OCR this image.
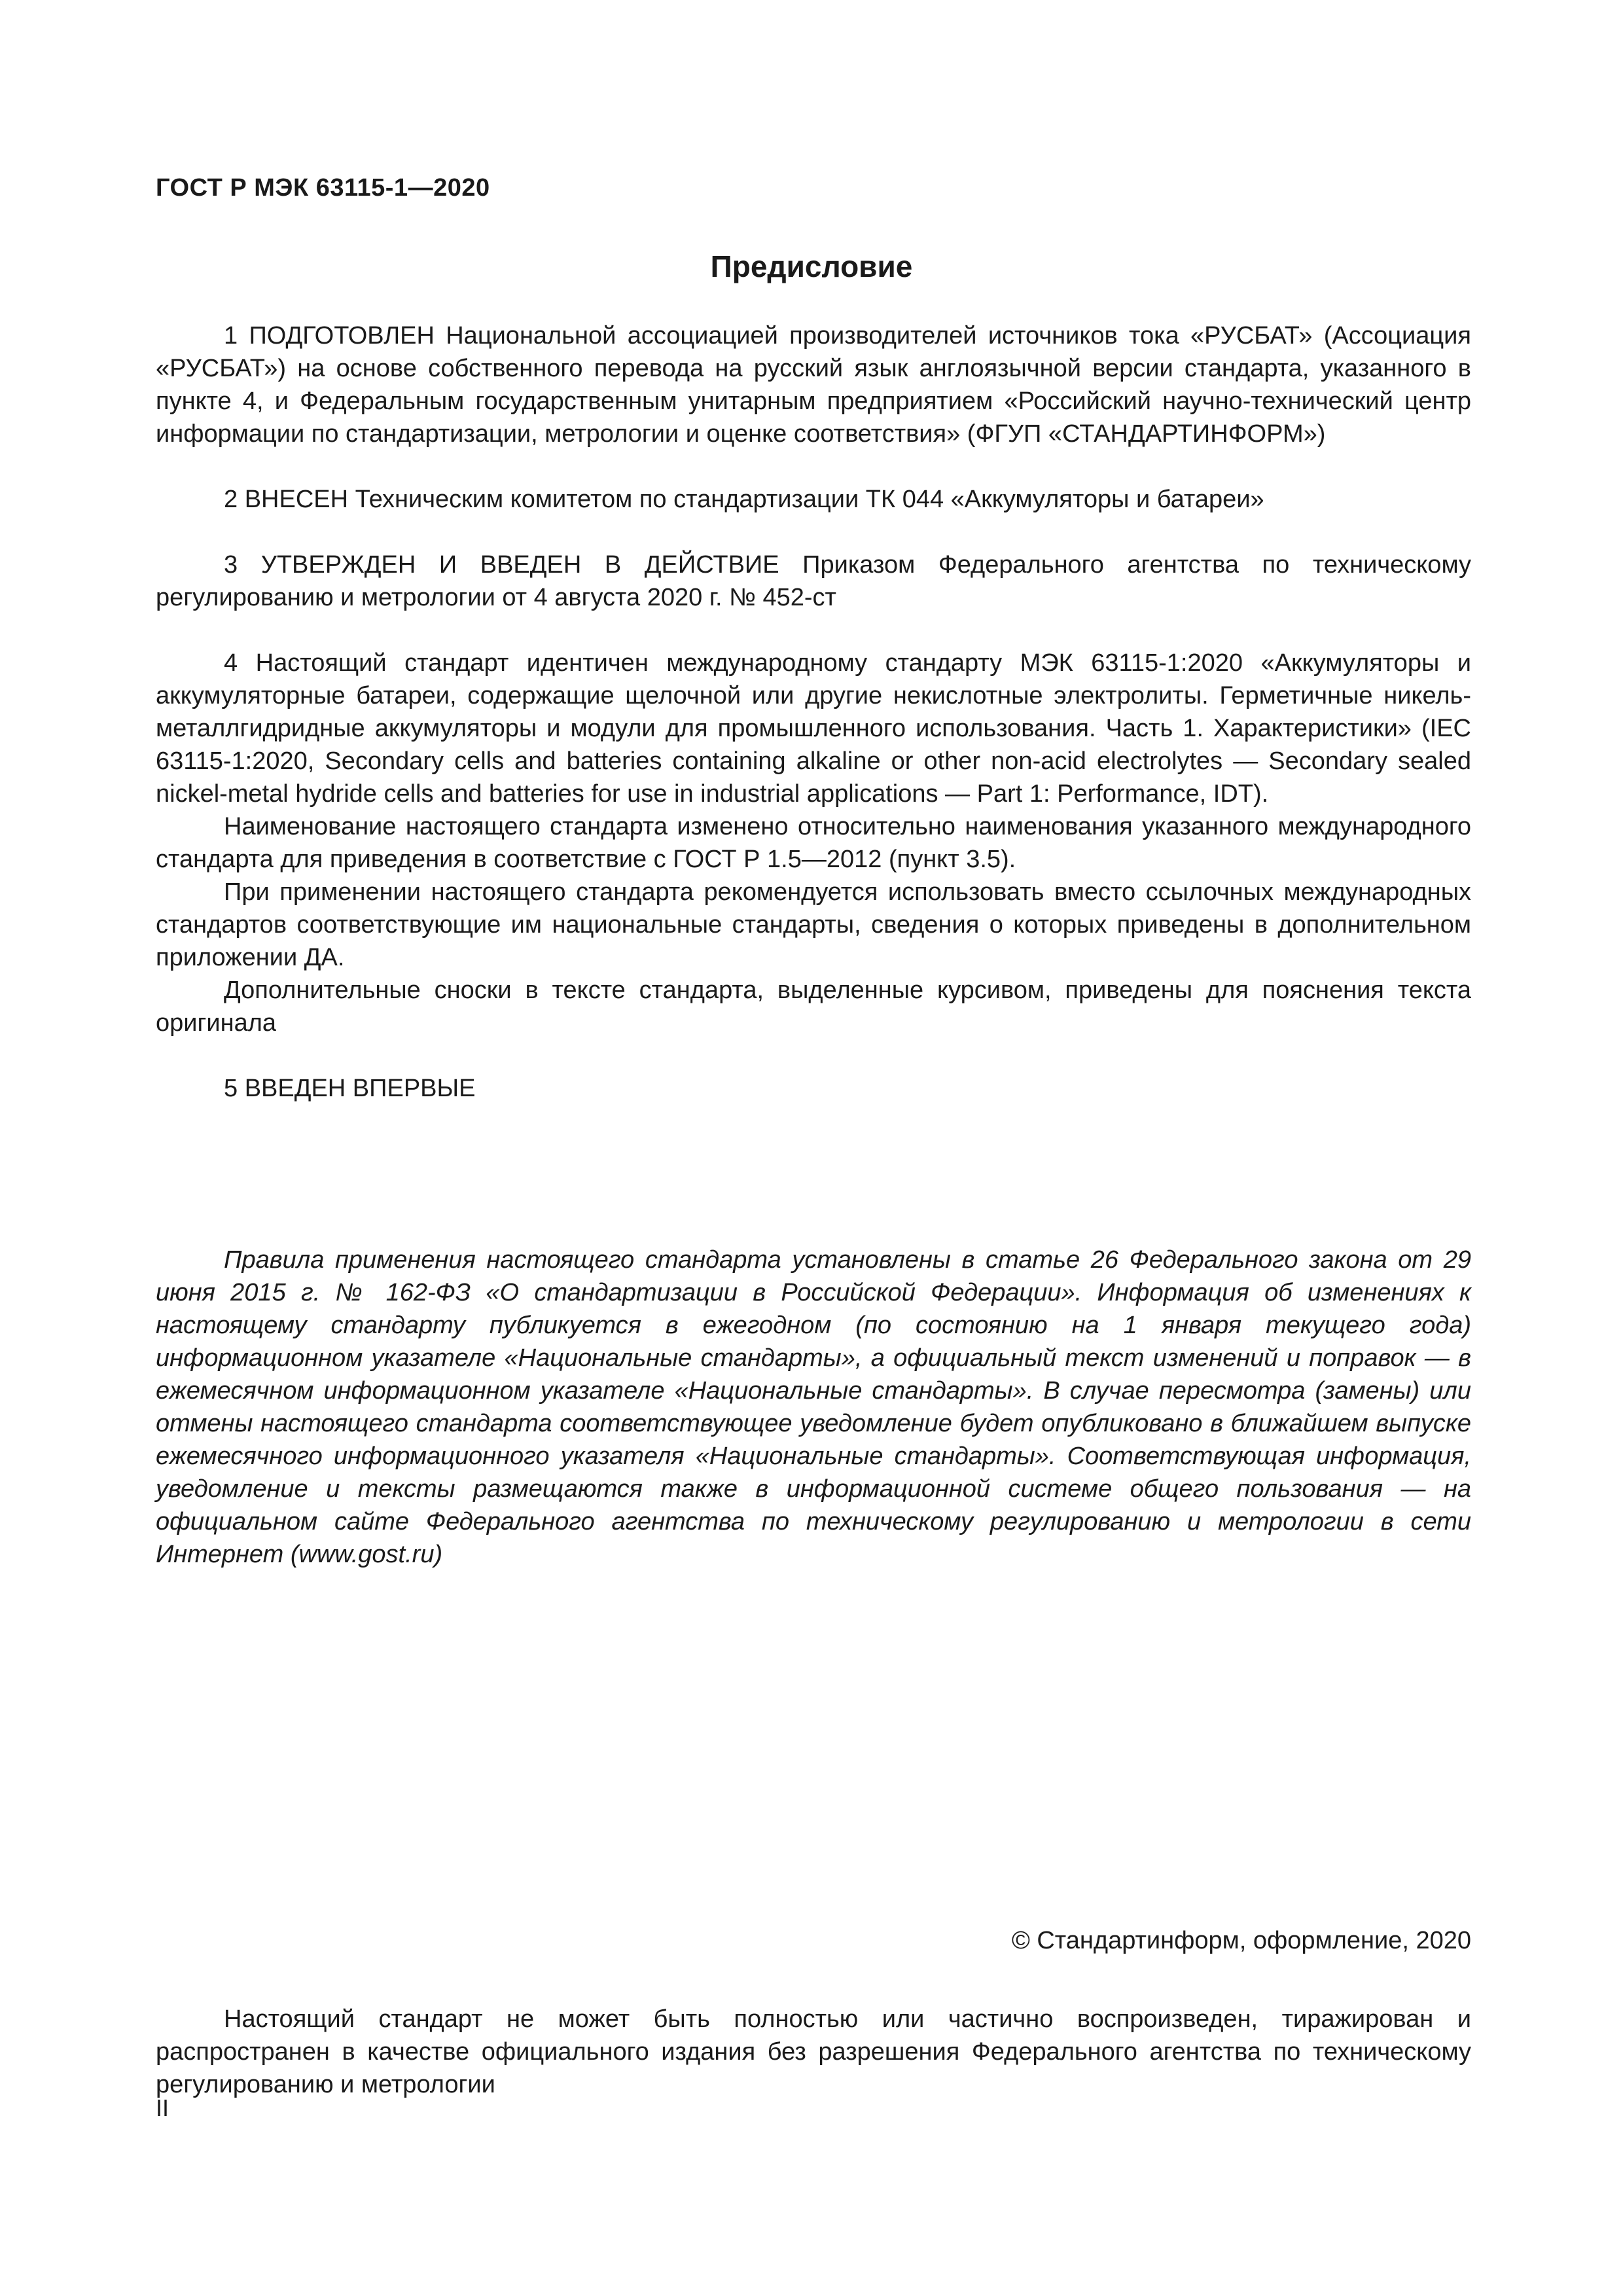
ГОСТ Р МЭК 63115-1—2020
Предисловие

1 ПОДГОТОВЛЕН Национальной ассоциацией производителей источников тока «РУСБАТ» (Ассоциация «РУСБАТ») на основе собственного перевода на русский язык англоязычной версии стандарта, указанного в пункте 4, и Федеральным государственным унитарным предприятием «Российский научно-технический центр информации по стандартизации, метрологии и оценке соответствия» (ФГУП «СТАНДАРТИНФОРМ»)

2 ВНЕСЕН Техническим комитетом по стандартизации ТК 044 «Аккумуляторы и батареи»

3 УТВЕРЖДЕН И ВВЕДЕН В ДЕЙСТВИЕ Приказом Федерального агентства по техническому регулированию и метрологии от 4 августа 2020 г. № 452-ст

4 Настоящий стандарт идентичен международному стандарту МЭК 63115-1:2020 «Аккумуляторы и аккумуляторные батареи, содержащие щелочной или другие некислотные электролиты. Герметичные никель-металлгидридные аккумуляторы и модули для промышленного использования. Часть 1. Характеристики» (IEC 63115-1:2020, Secondary cells and batteries containing alkaline or other non-acid electrolytes — Secondary sealed nickel-metal hydride cells and batteries for use in industrial applications — Part 1: Performance, IDT).

Наименование настоящего стандарта изменено относительно наименования указанного международного стандарта для приведения в соответствие с ГОСТ Р 1.5—2012 (пункт 3.5).

При применении настоящего стандарта рекомендуется использовать вместо ссылочных международных стандартов соответствующие им национальные стандарты, сведения о которых приведены в дополнительном приложении ДА.

Дополнительные сноски в тексте стандарта, выделенные курсивом, приведены для пояснения текста оригинала

5 ВВЕДЕН ВПЕРВЫЕ

Правила применения настоящего стандарта установлены в статье 26 Федерального закона от 29 июня 2015 г. № 162-ФЗ «О стандартизации в Российской Федерации». Информация об изменениях к настоящему стандарту публикуется в ежегодном (по состоянию на 1 января текущего года) информационном указателе «Национальные стандарты», а официальный текст изменений и поправок — в ежемесячном информационном указателе «Национальные стандарты». В случае пересмотра (замены) или отмены настоящего стандарта соответствующее уведомление будет опубликовано в ближайшем выпуске ежемесячного информационного указателя «Национальные стандарты». Соответствующая информация, уведомление и тексты размещаются также в информационной системе общего пользования — на официальном сайте Федерального агентства по техническому регулированию и метрологии в сети Интернет (www.gost.ru)

© Стандартинформ, оформление, 2020

Настоящий стандарт не может быть полностью или частично воспроизведен, тиражирован и распространен в качестве официального издания без разрешения Федерального агентства по техническому регулированию и метрологии

II
